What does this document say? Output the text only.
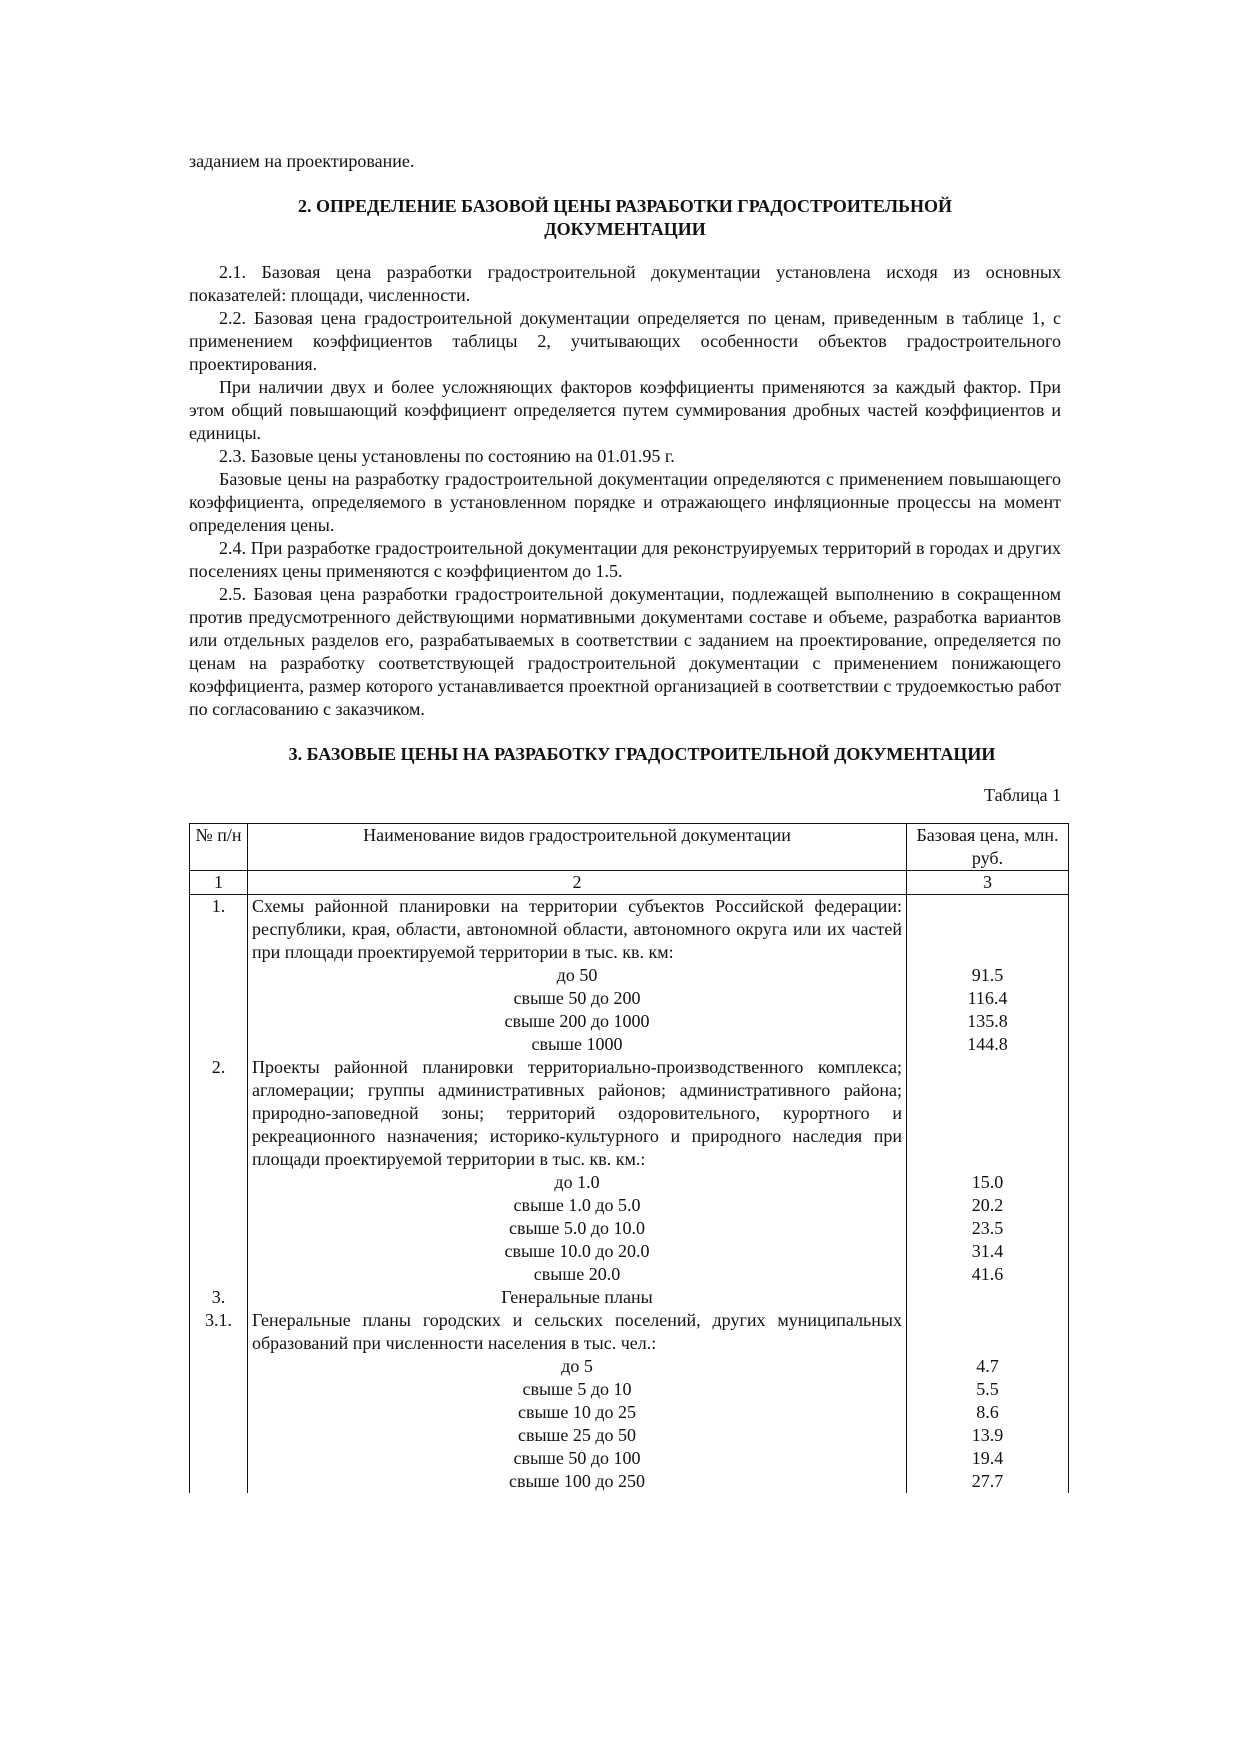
заданием на проектирование.

2. ОПРЕДЕЛЕНИЕ БАЗОВОЙ ЦЕНЫ РАЗРАБОТКИ ГРАДОСТРОИТЕЛЬНОЙ ДОКУМЕНТАЦИИ

2.1. Базовая цена разработки градостроительной документации установлена исходя из основных показателей: площади, численности.

2.2. Базовая цена градостроительной документации определяется по ценам, приведенным в таблице 1, с применением коэффициентов таблицы 2, учитывающих особенности объектов градостроительного проектирования.

При наличии двух и более усложняющих факторов коэффициенты применяются за каждый фактор. При этом общий повышающий коэффициент определяется путем суммирования дробных частей коэффициентов и единицы.

2.3. Базовые цены установлены по состоянию на 01.01.95 г.

Базовые цены на разработку градостроительной документации определяются с применением повышающего коэффициента, определяемого в установленном порядке и отражающего инфляционные процессы на момент определения цены.

2.4. При разработке градостроительной документации для реконструируемых территорий в городах и других поселениях цены применяются с коэффициентом до 1.5.

2.5. Базовая цена разработки градостроительной документации, подлежащей выполнению в сокращенном против предусмотренного действующими нормативными документами составе и объеме, разработка вариантов или отдельных разделов его, разрабатываемых в соответствии с заданием на проектирование, определяется по ценам на разработку соответствующей градостроительной документации с применением понижающего коэффициента, размер которого устанавливается проектной организацией в соответствии с трудоемкостью работ по согласованию с заказчиком.

3. БАЗОВЫЕ ЦЕНЫ НА РАЗРАБОТКУ ГРАДОСТРОИТЕЛЬНОЙ ДОКУМЕНТАЦИИ

Таблица 1

№ п/н	Наименование видов градостроительной документации	Базовая цена, млн. руб.
1	2	3
1.	Схемы районной планировки на территории субъектов Российской федерации: республики, края, области, автономной области, автономного округа или их частей при площади проектируемой территории в тыс. кв. км:	
	до 50	91.5
	свыше 50 до 200	116.4
	свыше 200 до 1000	135.8
	свыше 1000	144.8
2.	Проекты районной планировки территориально-производственного комплекса; агломерации; группы административных районов; административного района; природно-заповедной зоны; территорий оздоровительного, курортного и рекреационного назначения; историко-культурного и природного наследия при площади проектируемой территории в тыс. кв. км.:	
	до 1.0	15.0
	свыше 1.0 до 5.0	20.2
	свыше 5.0 до 10.0	23.5
	свыше 10.0 до 20.0	31.4
	свыше 20.0	41.6
3.	Генеральные планы	
3.1.	Генеральные планы городских и сельских поселений, других муниципальных образований при численности населения в тыс. чел.:	
	до 5	4.7
	свыше 5 до 10	5.5
	свыше 10 до 25	8.6
	свыше 25 до 50	13.9
	свыше 50 до 100	19.4
	свыше 100 до 250	27.7
